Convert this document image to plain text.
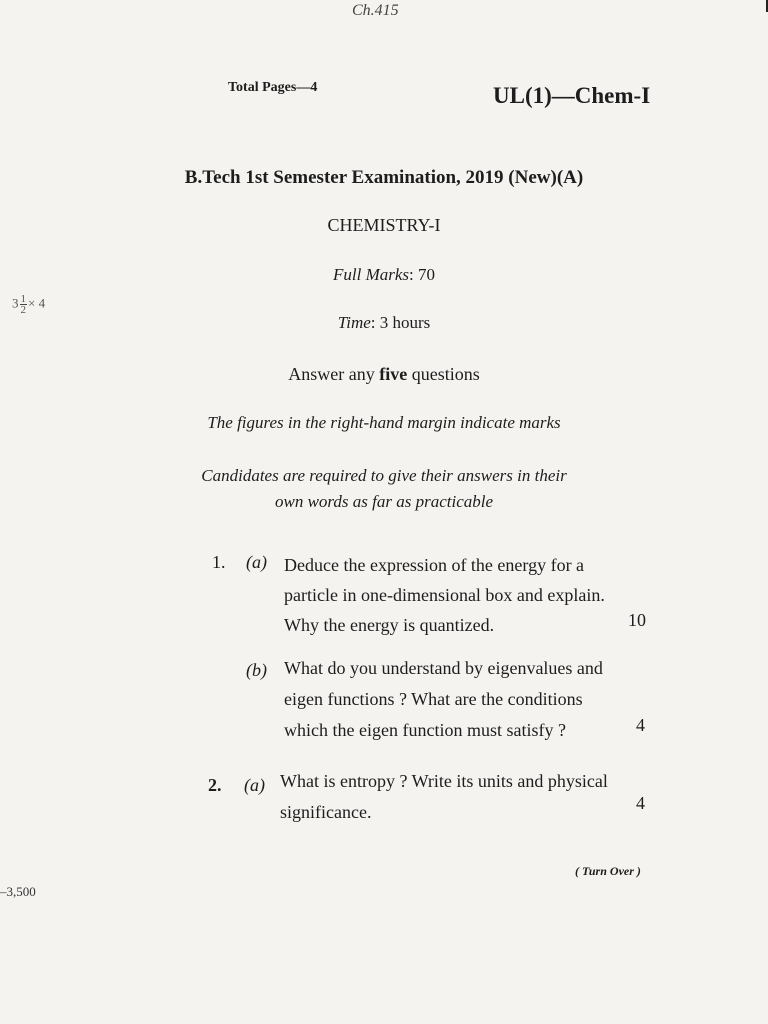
Ch.415
Total Pages—4	UL(1)—Chem-I
B.Tech 1st Semester Examination, 2019 (New)(A)
CHEMISTRY-I
Full Marks: 70
Time: 3 hours
Answer any five questions
The figures in the right-hand margin indicate marks
Candidates are required to give their answers in their
own words as far as practicable
$3 \frac{1}{2} \times 4$
1. (a) Deduce the expression of the energy for a
particle in one-dimensional box and explain.
Why the energy is quantized.	10
(b) What do you understand by eigenvalues and
eigen functions ? What are the conditions
which the eigen function must satisfy ?	4
2. (a) What is entropy ? Write its units and physical
significance.	4
( Turn Over )
–3,500
